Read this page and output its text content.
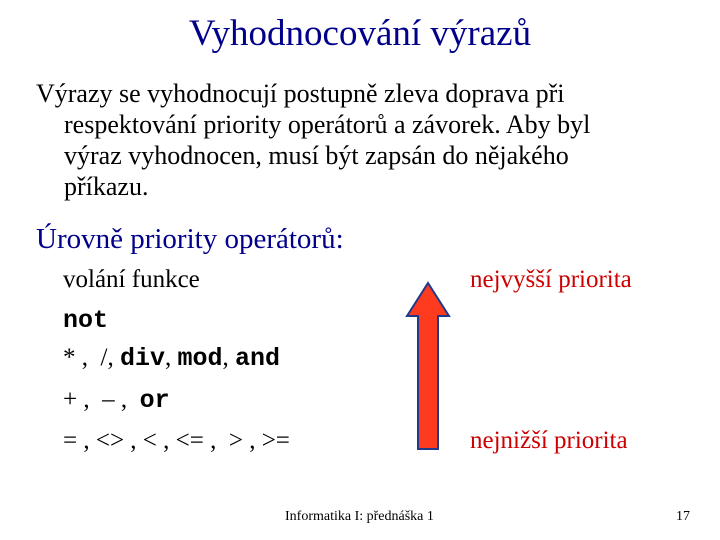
Vyhodnocování výrazů
Výrazy se vyhodnocují postupně zleva doprava při
respektování priority operátorů a závorek. Aby byl
výraz vyhodnocen, musí být zapsán do nějakého
příkazu.
Úrovně priority operátorů:
volání funkce
not
* ,  /, div, mod, and
+ ,  – ,  or
= , <> , < , <= ,  > , >=
nejvyšší priorita
nejnižší priorita
Informatika I: přednáška 1	17
